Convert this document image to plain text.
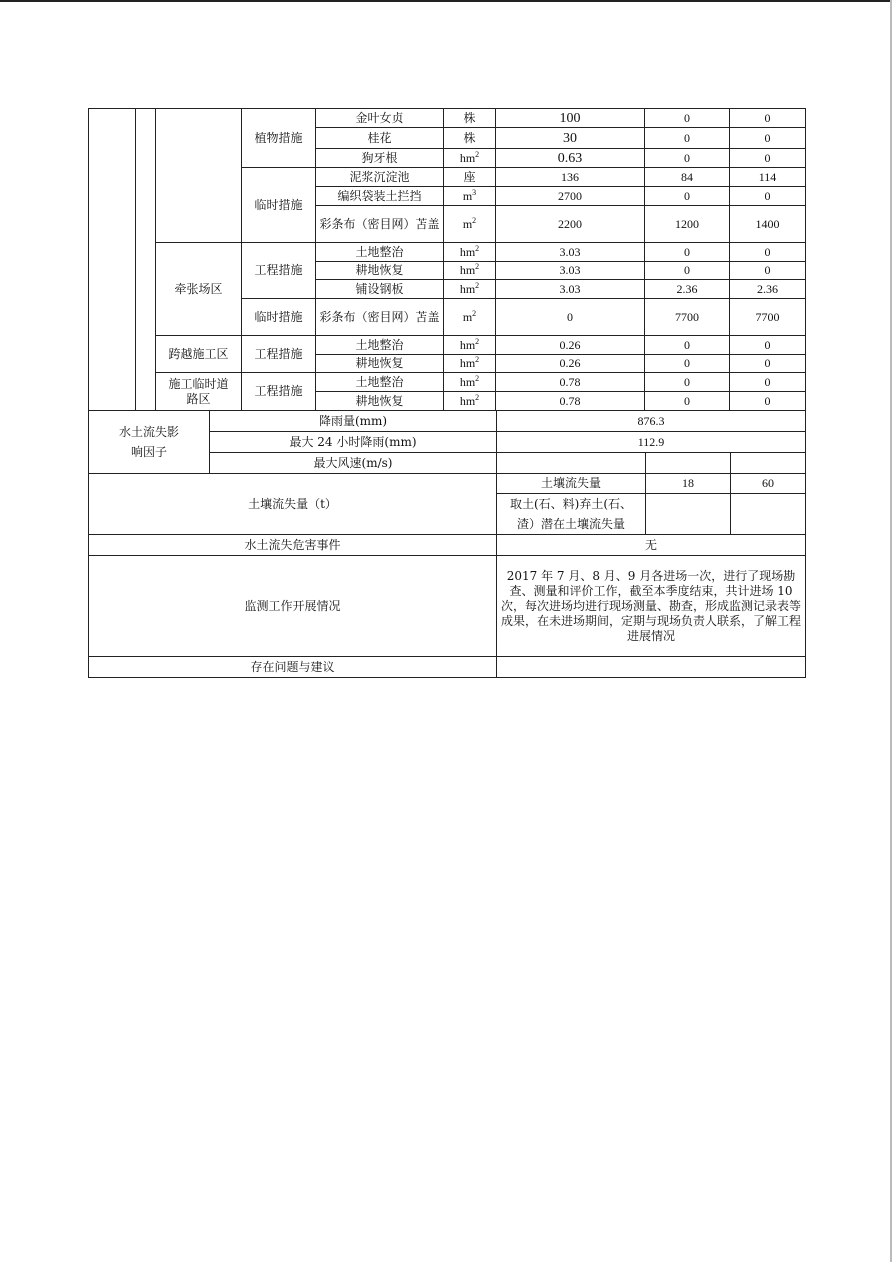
			植物措施	金叶女贞	株	100	0	0
				桂花	株	30	0	0
				狗牙根	$hm^2$	0.63	0	0
			临时措施	泥浆沉淀池	座	136	84	114
				编织袋装土拦挡	$m^3$	2700	0	0
				彩条布（密目网）苫盖	$m^2$	2200	1200	1400
		牵张场区	工程措施	土地整治	$hm^2$	3.03	0	0
				耕地恢复	$hm^2$	3.03	0	0
				铺设钢板	$hm^2$	3.03	2.36	2.36
			临时措施	彩条布（密目网）苫盖	$m^2$	0	7700	7700
		跨越施工区	工程措施	土地整治	$hm^2$	0.26	0	0
				耕地恢复	$hm^2$	0.26	0	0
		施工临时道路区	工程措施	土地整治	$hm^2$	0.78	0	0
				耕地恢复	$hm^2$	0.78	0	0
水土流失影响因子	降雨量(mm)	876.3		
	最大 24 小时降雨(mm)	112.9		
	最大风速(m/s)			
土壤流失量（t）	土壤流失量	18	60
	取土(石、料)弃土(石、渣）潜在土壤流失量		
水土流失危害事件	无		
监测工作开展情况	2017 年 7 月、8 月、9 月各进场一次，进行了现场勘查、测量和评价工作，截至本季度结束，共计进场 10 次，每次进场均进行现场测量、勘查，形成监测记录表等成果，在未进场期间，定期与现场负责人联系，了解工程进展情况		
存在问题与建议			
